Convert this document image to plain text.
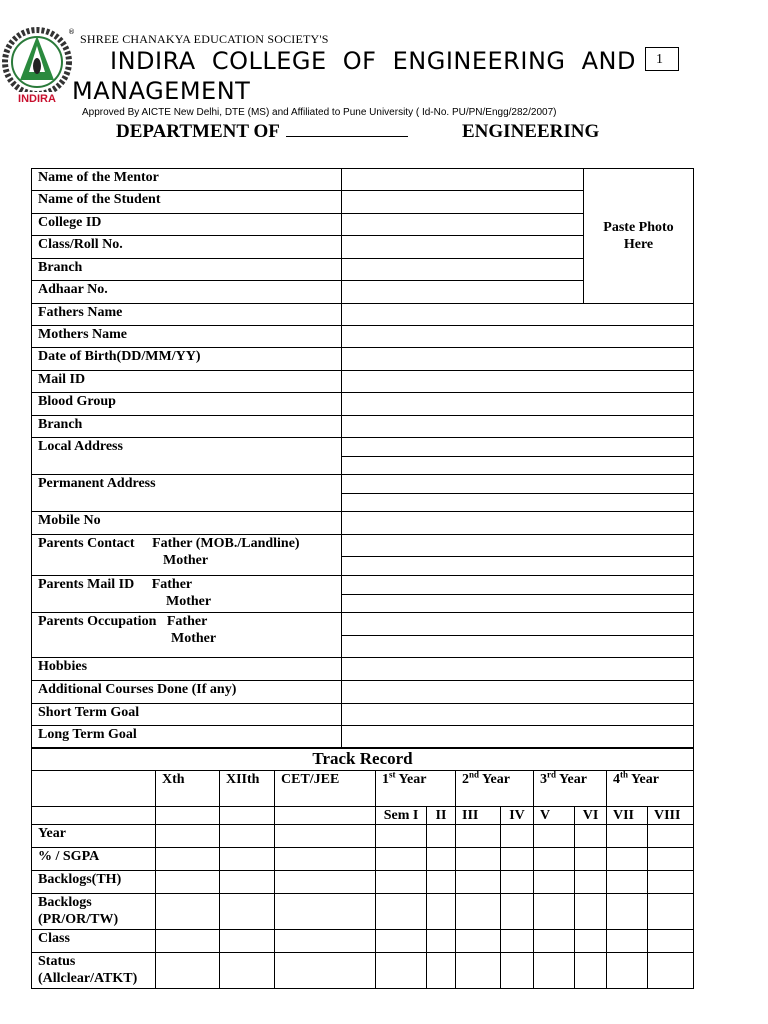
INDIRA
® SHREE CHANAKYA EDUCATION SOCIETY'S
INDIRA COLLEGE OF ENGINEERING AND
MANAGEMENT
1
Approved By AICTE New Delhi, DTE (MS) and Affiliated to Pune University ( Id-No. PU/PN/Engg/282/2007)
DEPARTMENT OF	ENGINEERING
Name of the Mentor		Paste Photo Here
Name of the Student		
College ID		
Class/Roll No.		
Branch		
Adhaar No.		
Fathers Name		
Mothers Name		
Date of Birth(DD/MM/YY)		
Mail ID		
Blood Group		
Branch		
Local Address		

Permanent Address		

Mobile No		
Parents Contact Father (MOB./Landline)
Mother		

Parents Mail ID Father
Mother		

Parents Occupation Father
Mother		

Hobbies		
Additional Courses Done (If any)		
Short Term Goal		
Long Term Goal		
Track Record											
	Xth	XIIth	CET/JEE	1st Year		2nd Year		3rd Year		4th Year	
				Sem I	II	III	IV	V	VI	VII	VIII
Year											
% / SGPA											
Backlogs(TH)											
Backlogs (PR/OR/TW)											
Class											
Status (Allclear/ATKT)											
